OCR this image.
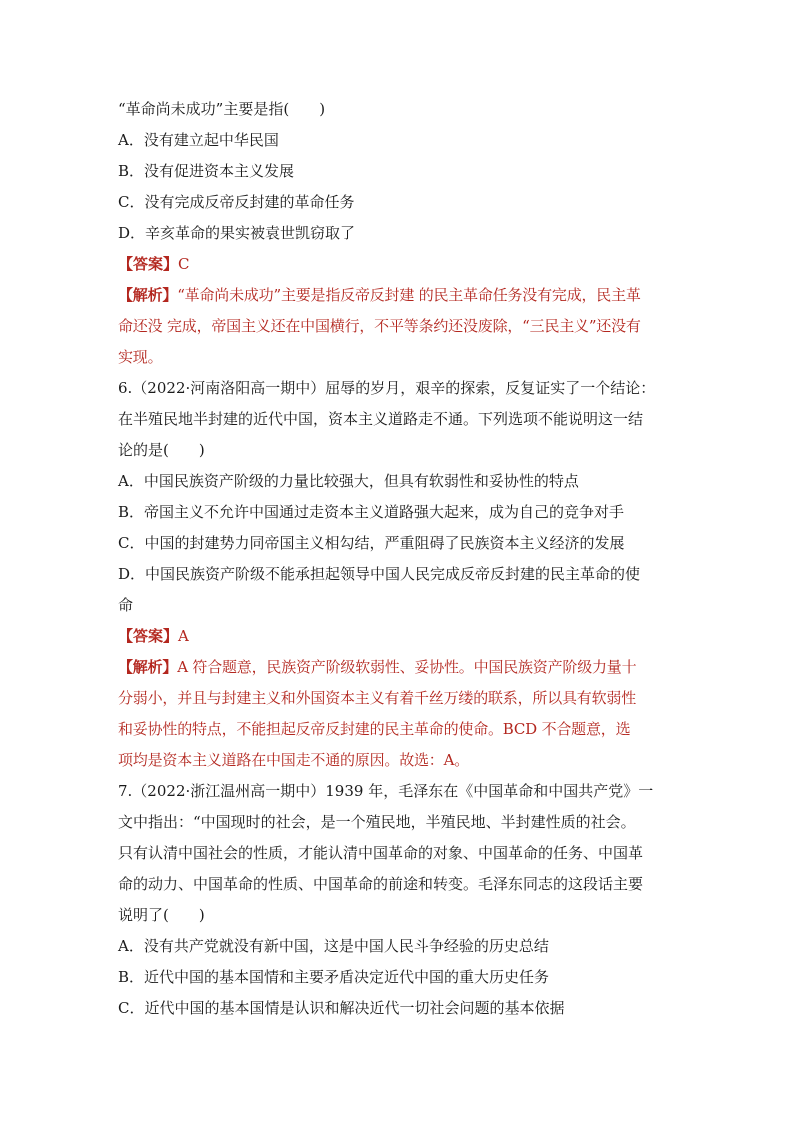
“革命尚未成功”主要是指(　　)
A．没有建立起中华民国
B．没有促进资本主义发展
C．没有完成反帝反封建的革命任务
D．辛亥革命的果实被袁世凯窃取了
【答案】C
【解析】“革命尚未成功”主要是指反帝反封建 的民主革命任务没有完成，民主革
命还没 完成，帝国主义还在中国横行，不平等条约还没废除，“三民主义”还没有
实现。
6.（2022·河南洛阳高一期中）屈辱的岁月，艰辛的探索，反复证实了一个结论：
在半殖民地半封建的近代中国，资本主义道路走不通。下列选项不能说明这一结
论的是(　　)
A．中国民族资产阶级的力量比较强大，但具有软弱性和妥协性的特点
B．帝国主义不允许中国通过走资本主义道路强大起来，成为自己的竞争对手
C．中国的封建势力同帝国主义相勾结，严重阻碍了民族资本主义经济的发展
D．中国民族资产阶级不能承担起领导中国人民完成反帝反封建的民主革命的使
命
【答案】A
【解析】A 符合题意，民族资产阶级软弱性、妥协性。中国民族资产阶级力量十
分弱小，并且与封建主义和外国资本主义有着千丝万缕的联系，所以具有软弱性
和妥协性的特点，不能担起反帝反封建的民主革命的使命。BCD 不合题意，选
项均是资本主义道路在中国走不通的原因。故选：A。
7.（2022·浙江温州高一期中）1939 年，毛泽东在《中国革命和中国共产党》一
文中指出：“中国现时的社会，是一个殖民地，半殖民地、半封建性质的社会。
只有认清中国社会的性质，才能认清中国革命的对象、中国革命的任务、中国革
命的动力、中国革命的性质、中国革命的前途和转变。毛泽东同志的这段话主要
说明了(　　)
A．没有共产党就没有新中国，这是中国人民斗争经验的历史总结
B．近代中国的基本国情和主要矛盾决定近代中国的重大历史任务
C．近代中国的基本国情是认识和解决近代一切社会问题的基本依据
